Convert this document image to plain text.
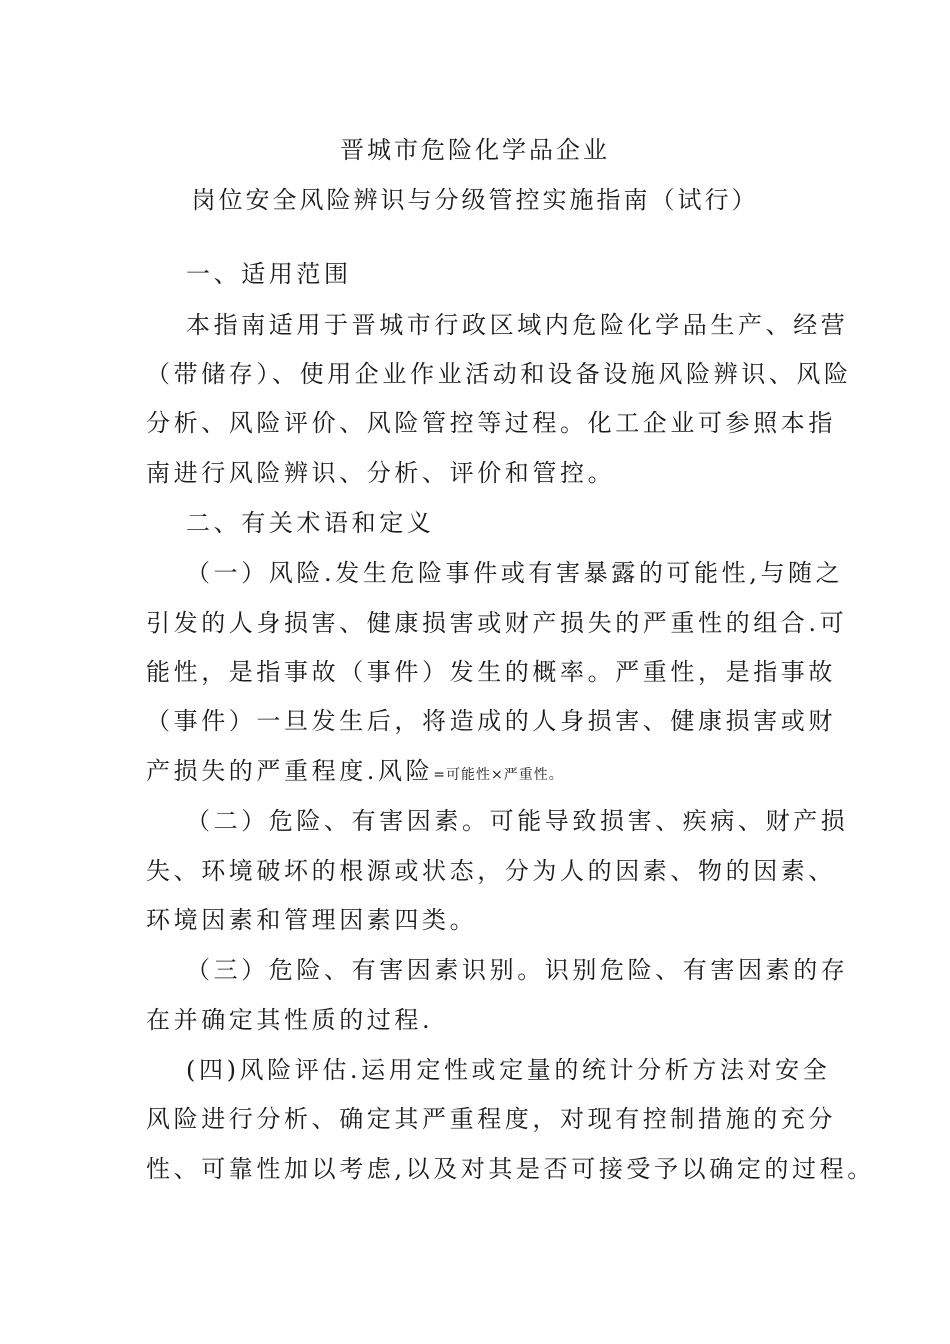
晋城市危险化学品企业
岗位安全风险辨识与分级管控实施指南（试行）
一、适用范围
本指南适用于晋城市行政区域内危险化学品生产、经营
（带储存）、使用企业作业活动和设备设施风险辨识、风险
分析、风险评价、风险管控等过程。化工企业可参照本指
南进行风险辨识、分析、评价和管控。
二、有关术语和定义
（一）风险.发生危险事件或有害暴露的可能性,与随之
引发的人身损害、健康损害或财产损失的严重性的组合.可
能性，是指事故（事件）发生的概率。严重性，是指事故
（事件）一旦发生后，将造成的人身损害、健康损害或财
产损失的严重程度.风险=可能性×严重性。
（二）危险、有害因素。可能导致损害、疾病、财产损
失、环境破坏的根源或状态，分为人的因素、物的因素、
环境因素和管理因素四类。
（三）危险、有害因素识别。识别危险、有害因素的存
在并确定其性质的过程.
(四)风险评估.运用定性或定量的统计分析方法对安全
风险进行分析、确定其严重程度，对现有控制措施的充分
性、可靠性加以考虑,以及对其是否可接受予以确定的过程。
